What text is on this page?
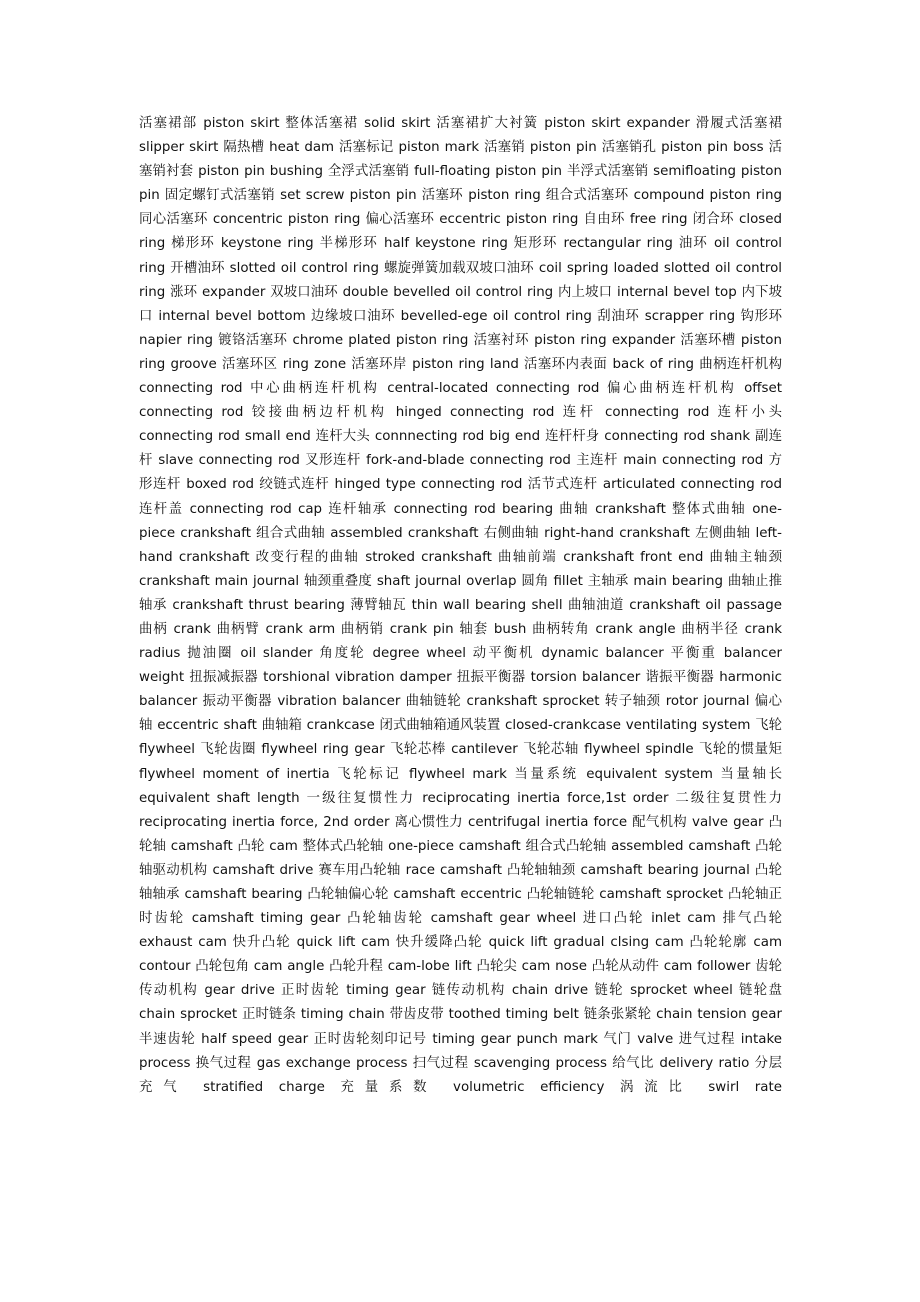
活塞裙部 piston skirt 整体活塞裙 solid skirt 活塞裙扩大衬簧 piston skirt expander 滑履式活塞裙 slipper skirt 隔热槽 heat dam 活塞标记 piston mark 活塞销 piston pin 活塞销孔 piston pin boss 活塞销衬套 piston pin bushing 全浮式活塞销 full-floating piston pin 半浮式活塞销 semifloating piston pin 固定螺钉式活塞销 set screw piston pin 活塞环 piston ring 组合式活塞环 compound piston ring 同心活塞环 concentric piston ring 偏心活塞环 eccentric piston ring 自由环 free ring 闭合环 closed ring 梯形环 keystone ring 半梯形环 half keystone ring 矩形环 rectangular ring 油环 oil control ring 开槽油环 slotted oil control ring 螺旋弹簧加载双坡口油环 coil spring loaded slotted oil control ring 涨环 expander 双坡口油环 double bevelled oil control ring 内上坡口 internal bevel top 内下坡口 internal bevel bottom 边缘坡口油环 bevelled-ege oil control ring 刮油环 scrapper ring 钩形环 napier ring 镀铬活塞环 chrome plated piston ring 活塞衬环 piston ring expander 活塞环槽 piston ring groove 活塞环区 ring zone 活塞环岸 piston ring land 活塞环内表面 back of ring 曲柄连杆机构 connecting rod 中心曲柄连杆机构 central-located connecting rod 偏心曲柄连杆机构 offset connecting rod 铰接曲柄边杆机构 hinged connecting rod 连杆 connecting rod 连杆小头 connecting rod small end 连杆大头 connnecting rod big end 连杆杆身 connecting rod shank 副连杆 slave connecting rod 叉形连杆 fork-and-blade connecting rod 主连杆 main connecting rod 方形连杆 boxed rod 绞链式连杆 hinged type connecting rod 活节式连杆 articulated connecting rod 连杆盖 connecting rod cap 连杆轴承 connecting rod bearing 曲轴 crankshaft 整体式曲轴 one-piece crankshaft 组合式曲轴 assembled crankshaft 右侧曲轴 right-hand crankshaft 左侧曲轴 left-hand crankshaft 改变行程的曲轴 stroked crankshaft 曲轴前端 crankshaft front end 曲轴主轴颈 crankshaft main journal 轴颈重叠度 shaft journal overlap 圆角 fillet 主轴承 main bearing 曲轴止推轴承 crankshaft thrust bearing 薄臂轴瓦 thin wall bearing shell 曲轴油道 crankshaft oil passage 曲柄 crank 曲柄臂 crank arm 曲柄销 crank pin 轴套 bush 曲柄转角 crank angle 曲柄半径 crank radius 抛油圈 oil slander 角度轮 degree wheel 动平衡机 dynamic balancer 平衡重 balancer weight 扭振减振器 torshional vibration damper 扭振平衡器 torsion balancer 谐振平衡器 harmonic balancer 振动平衡器 vibration balancer 曲轴链轮 crankshaft sprocket 转子轴颈 rotor journal 偏心轴 eccentric shaft 曲轴箱 crankcase 闭式曲轴箱通风装置 closed-crankcase ventilating system 飞轮 flywheel 飞轮齿圈 flywheel ring gear 飞轮芯棒 cantilever 飞轮芯轴 flywheel spindle 飞轮的惯量矩 flywheel moment of inertia 飞轮标记 flywheel mark 当量系统 equivalent system 当量轴长 equivalent shaft length 一级往复惯性力 reciprocating inertia force,1st order 二级往复贯性力 reciprocating inertia force, 2nd order 离心惯性力 centrifugal inertia force 配气机构 valve gear 凸轮轴 camshaft 凸轮 cam 整体式凸轮轴 one-piece camshaft 组合式凸轮轴 assembled camshaft 凸轮轴驱动机构 camshaft drive 赛车用凸轮轴 race camshaft 凸轮轴轴颈 camshaft bearing journal 凸轮轴轴承 camshaft bearing 凸轮轴偏心轮 camshaft eccentric 凸轮轴链轮 camshaft sprocket 凸轮轴正时齿轮 camshaft timing gear 凸轮轴齿轮 camshaft gear wheel 进口凸轮 inlet cam 排气凸轮 exhaust cam 快升凸轮 quick lift cam 快升缓降凸轮 quick lift gradual clsing cam 凸轮轮廓 cam contour 凸轮包角 cam angle 凸轮升程 cam-lobe lift 凸轮尖 cam nose 凸轮从动件 cam follower 齿轮传动机构 gear drive 正时齿轮 timing gear 链传动机构 chain drive 链轮 sprocket wheel 链轮盘 chain sprocket 正时链条 timing chain 带齿皮带 toothed timing belt 链条张紧轮 chain tension gear 半速齿轮 half speed gear 正时齿轮刻印记号 timing gear punch mark 气门 valve 进气过程 intake process 换气过程 gas exchange process 扫气过程 scavenging process 给气比 delivery ratio 分层充气 stratified charge 充量系数 volumetric efficiency 涡流比 swirl rate
